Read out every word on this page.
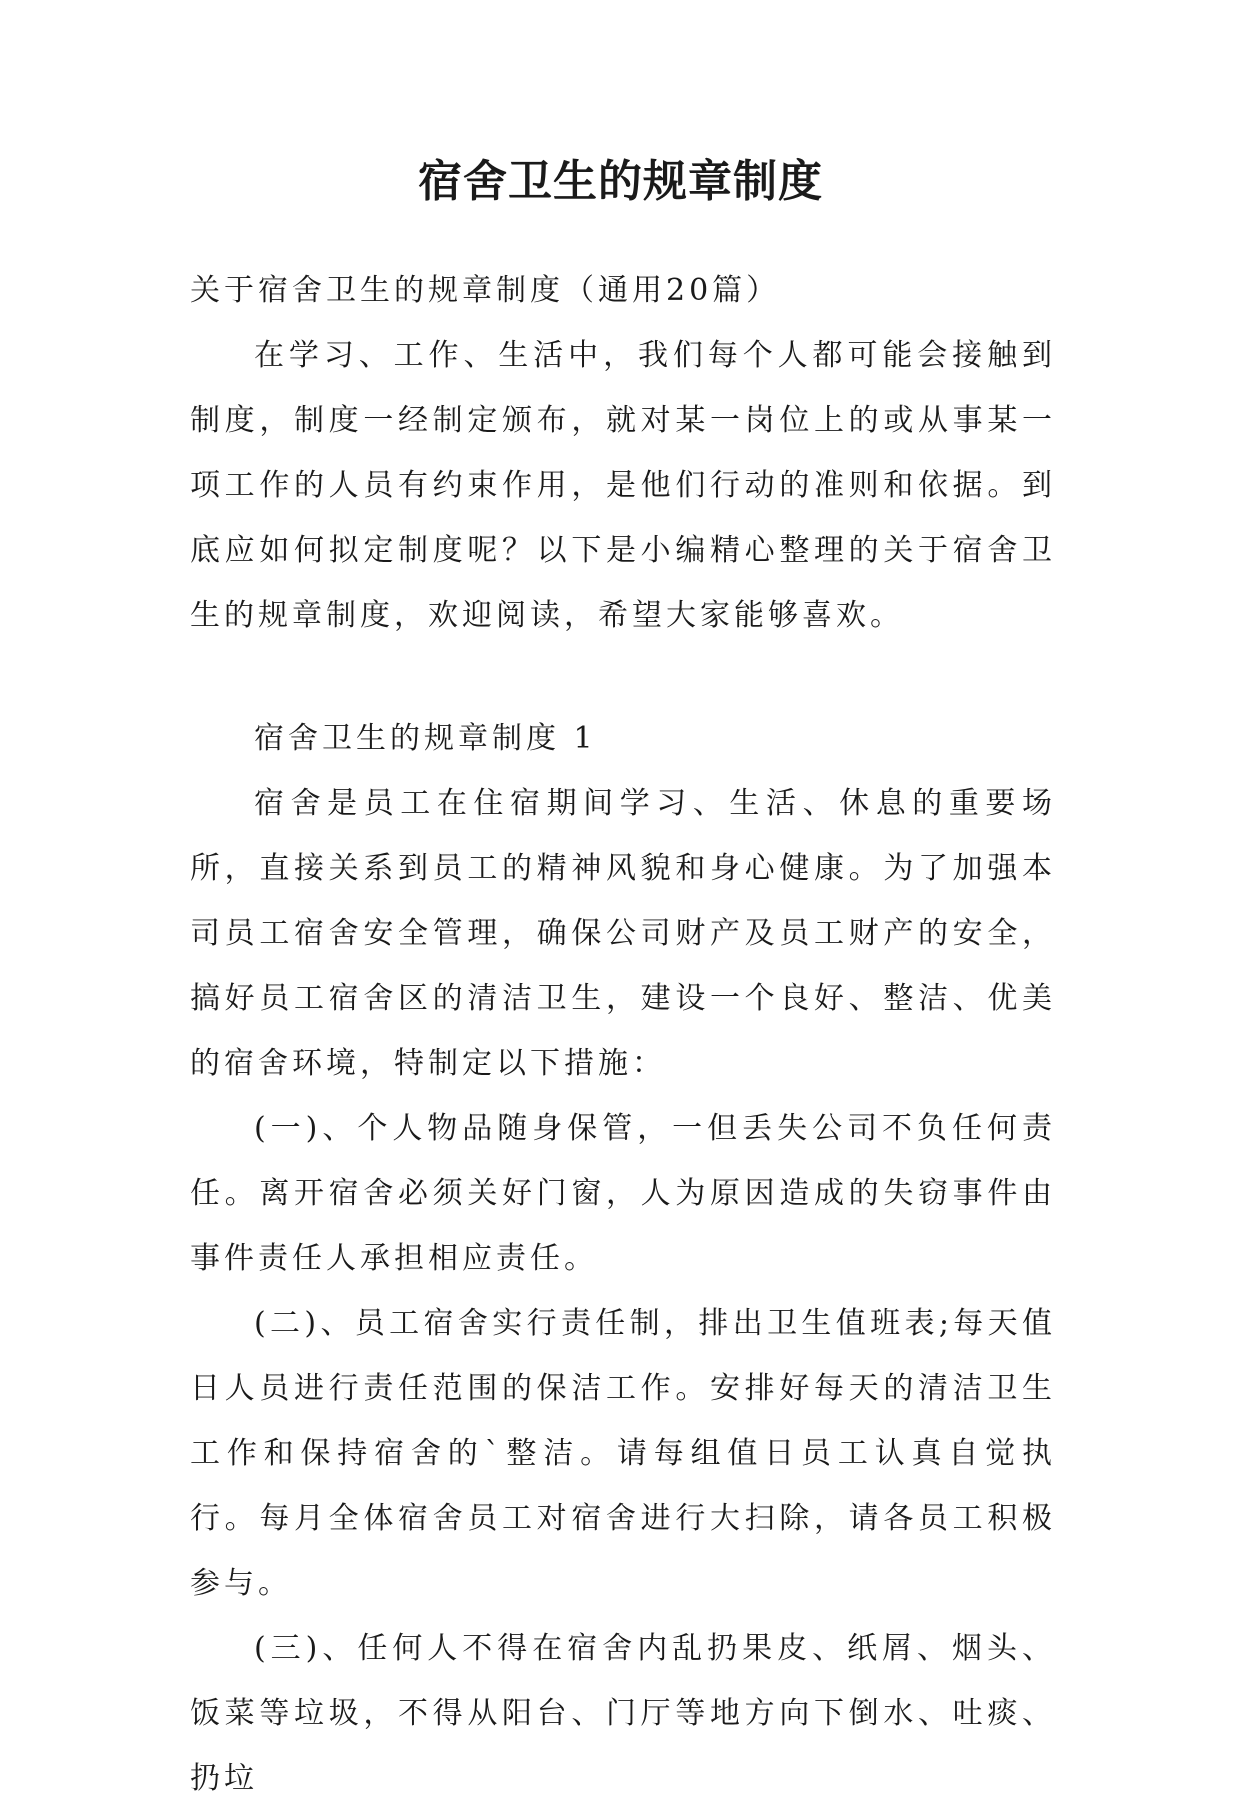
宿舍卫生的规章制度

关于宿舍卫生的规章制度（通用20篇）

在学习、工作、生活中，我们每个人都可能会接触到制度，制度一经制定颁布，就对某一岗位上的或从事某一项工作的人员有约束作用，是他们行动的准则和依据。到底应如何拟定制度呢？以下是小编精心整理的关于宿舍卫生的规章制度，欢迎阅读，希望大家能够喜欢。

宿舍卫生的规章制度 1

宿舍是员工在住宿期间学习、生活、休息的重要场所，直接关系到员工的精神风貌和身心健康。为了加强本司员工宿舍安全管理，确保公司财产及员工财产的安全，搞好员工宿舍区的清洁卫生，建设一个良好、整洁、优美的宿舍环境，特制定以下措施：

(一)、个人物品随身保管，一但丢失公司不负任何责任。离开宿舍必须关好门窗，人为原因造成的失窃事件由事件责任人承担相应责任。

(二)、员工宿舍实行责任制，排出卫生值班表;每天值日人员进行责任范围的保洁工作。安排好每天的清洁卫生工作和保持宿舍的`整洁。请每组值日员工认真自觉执行。每月全体宿舍员工对宿舍进行大扫除，请各员工积极参与。

(三)、任何人不得在宿舍内乱扔果皮、纸屑、烟头、饭菜等垃圾，不得从阳台、门厅等地方向下倒水、吐痰、扔垃
